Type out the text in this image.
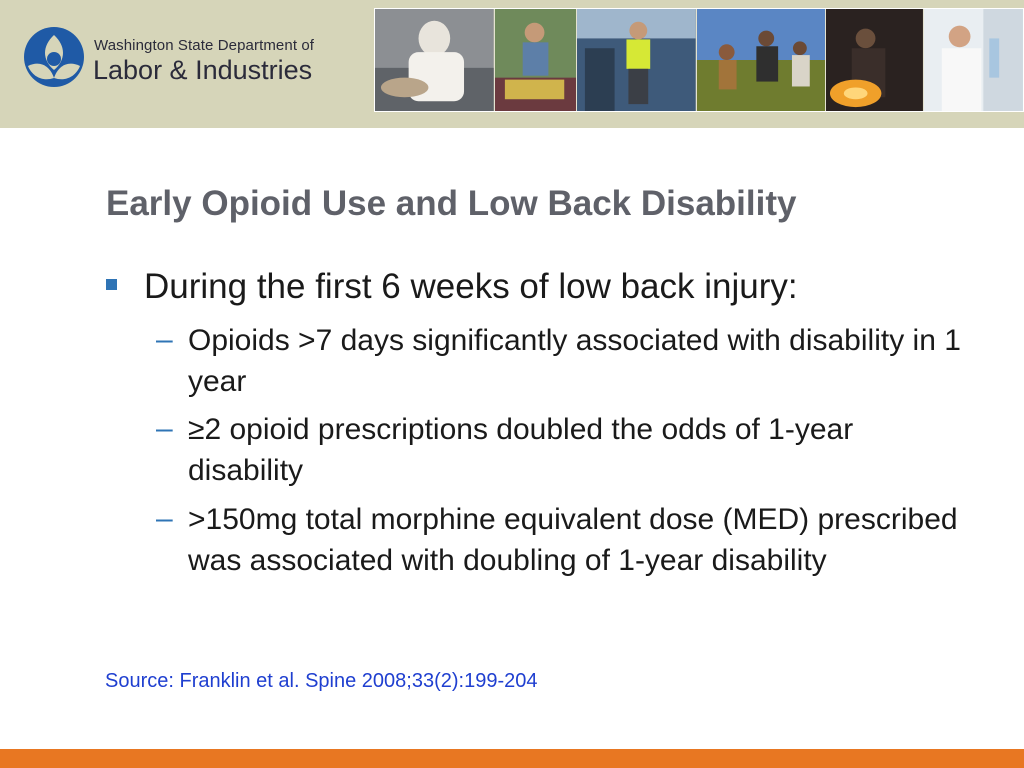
Washington State Department of
Labor & Industries
Early Opioid Use and Low Back Disability
During the first 6 weeks of low back injury:
– Opioids >7 days significantly associated with disability in 1 year
– ≥2 opioid prescriptions doubled the odds of 1-year disability
– >150mg total morphine equivalent dose (MED) prescribed was associated with doubling of 1-year disability
Source: Franklin et al. Spine 2008;33(2):199-204
